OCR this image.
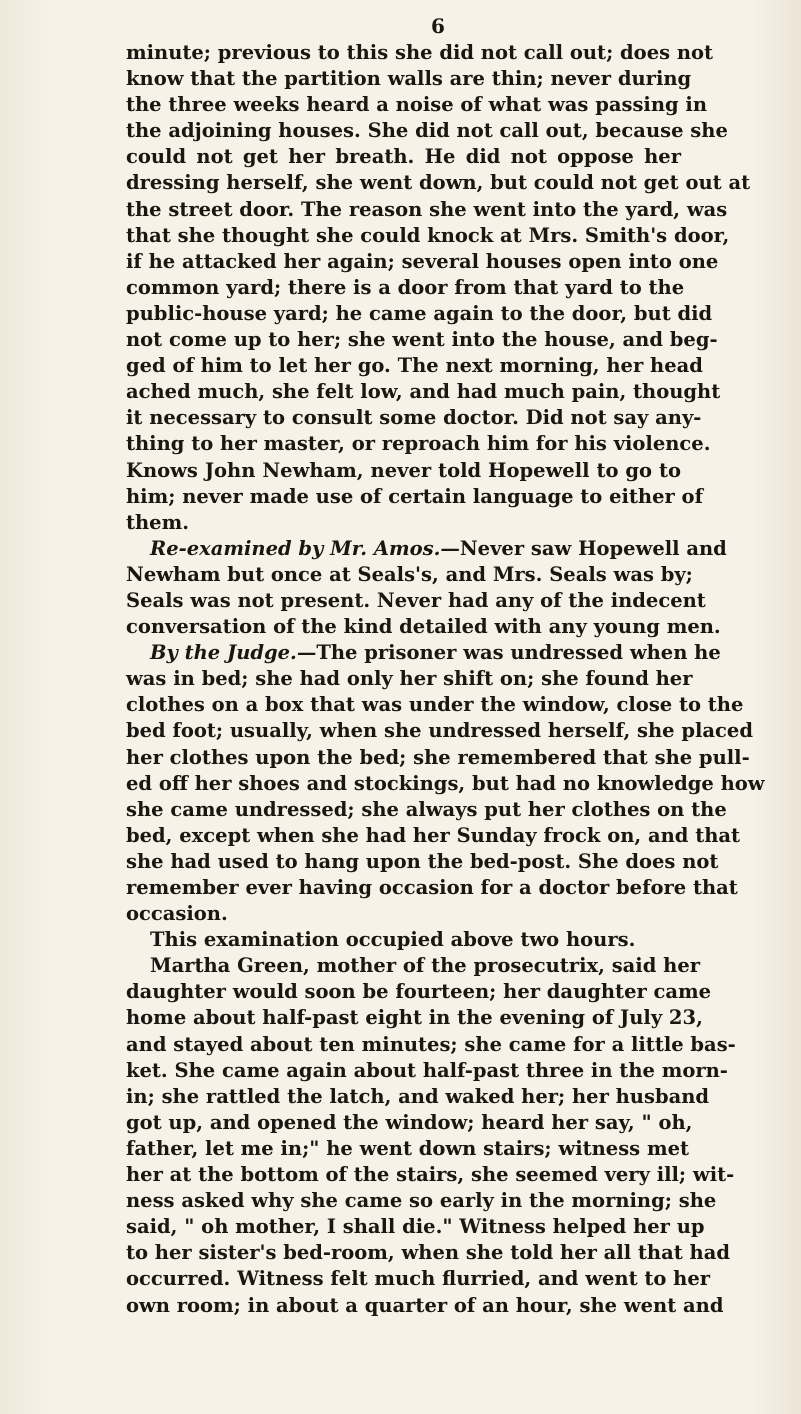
6
minute; previous to this she did not call out; does not
know that the partition walls are thin; never during
the three weeks heard a noise of what was passing in
the adjoining houses. She did not call out, because she
could not get her breath. He did not oppose her
dressing herself, she went down, but could not get out at
the street door. The reason she went into the yard, was
that she thought she could knock at Mrs. Smith's door,
if he attacked her again; several houses open into one
common yard; there is a door from that yard to the
public-house yard; he came again to the door, but did
not come up to her; she went into the house, and beg-
ged of him to let her go. The next morning, her head
ached much, she felt low, and had much pain, thought
it necessary to consult some doctor. Did not say any-
thing to her master, or reproach him for his violence.
Knows John Newham, never told Hopewell to go to
him; never made use of certain language to either of
them.
Re-examined by Mr. Amos.—Never saw Hopewell and
Newham but once at Seals's, and Mrs. Seals was by;
Seals was not present. Never had any of the indecent
conversation of the kind detailed with any young men.
By the Judge.—The prisoner was undressed when he
was in bed; she had only her shift on; she found her
clothes on a box that was under the window, close to the
bed foot; usually, when she undressed herself, she placed
her clothes upon the bed; she remembered that she pull-
ed off her shoes and stockings, but had no knowledge how
she came undressed; she always put her clothes on the
bed, except when she had her Sunday frock on, and that
she had used to hang upon the bed-post. She does not
remember ever having occasion for a doctor before that
occasion.
This examination occupied above two hours.
Martha Green, mother of the prosecutrix, said her
daughter would soon be fourteen; her daughter came
home about half-past eight in the evening of July 23,
and stayed about ten minutes; she came for a little bas-
ket. She came again about half-past three in the morn-
in; she rattled the latch, and waked her; her husband
got up, and opened the window; heard her say, " oh,
father, let me in;" he went down stairs; witness met
her at the bottom of the stairs, she seemed very ill; wit-
ness asked why she came so early in the morning; she
said, " oh mother, I shall die." Witness helped her up
to her sister's bed-room, when she told her all that had
occurred. Witness felt much flurried, and went to her
own room; in about a quarter of an hour, she went and
